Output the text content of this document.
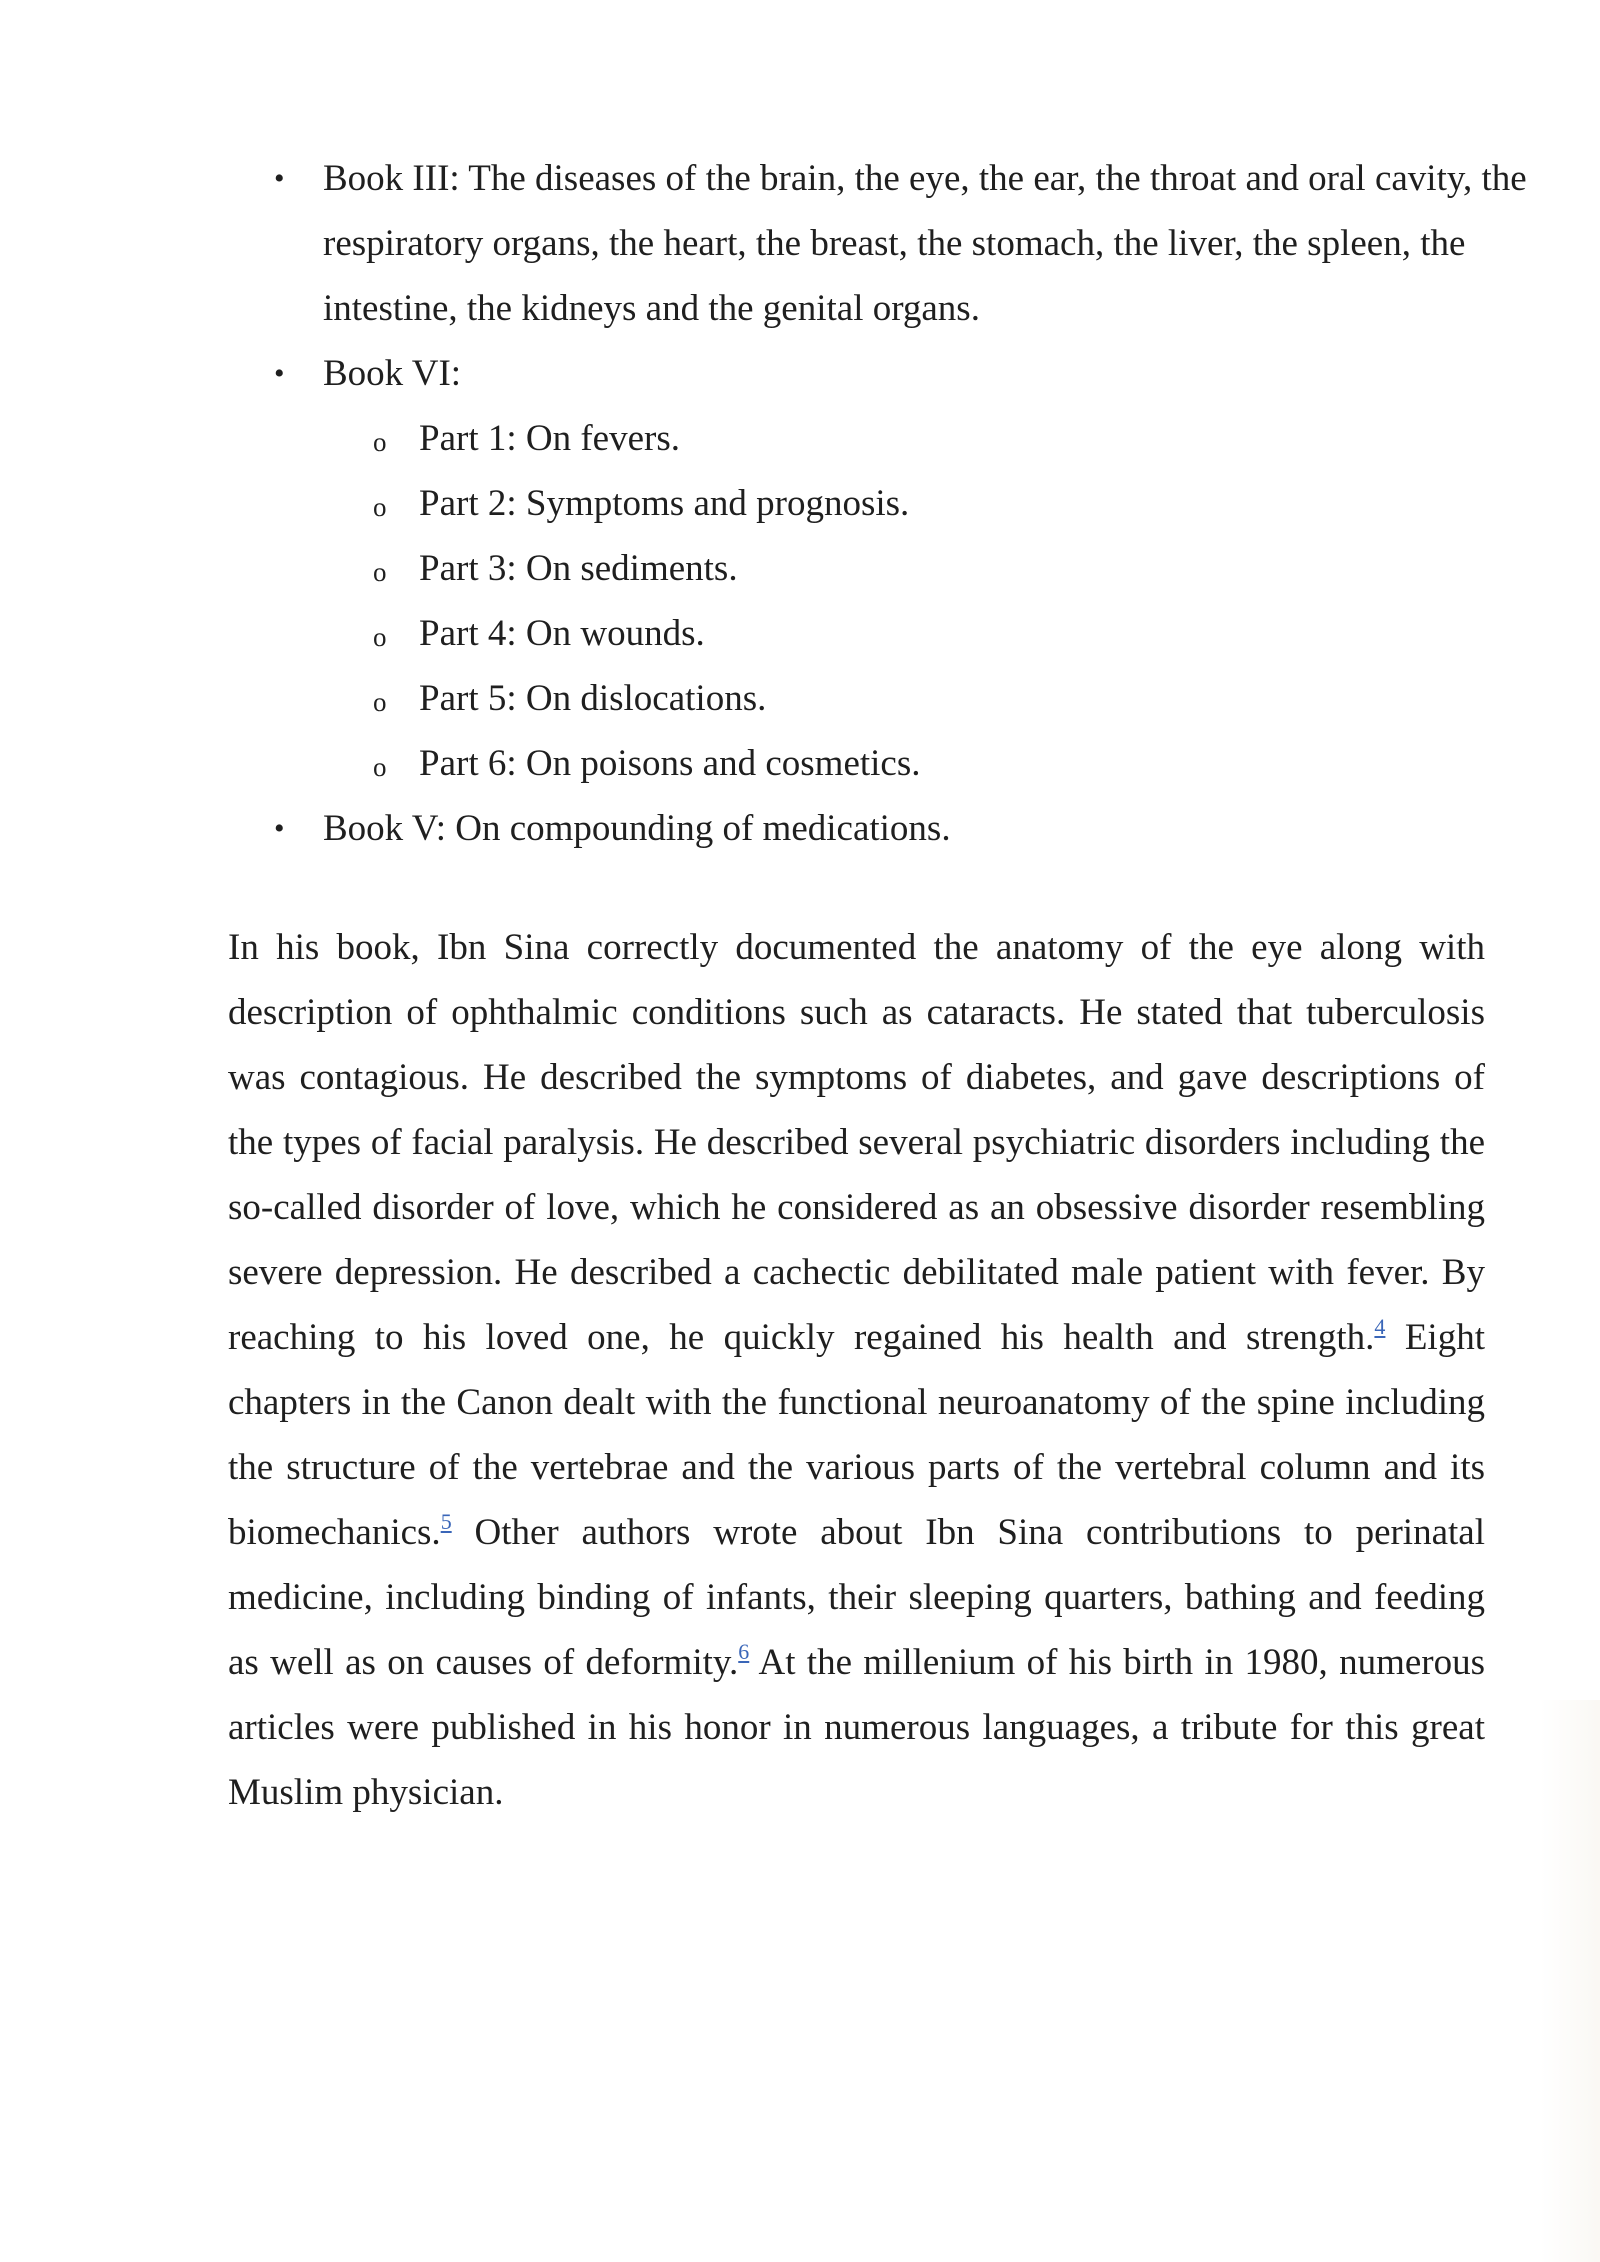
• Book III: The diseases of the brain, the eye, the ear, the throat and oral cavity, the respiratory organs, the heart, the breast, the stomach, the liver, the spleen, the intestine, the kidneys and the genital organs.
• Book VI:
o Part 1: On fevers.
o Part 2: Symptoms and prognosis.
o Part 3: On sediments.
o Part 4: On wounds.
o Part 5: On dislocations.
o Part 6: On poisons and cosmetics.
• Book V: On compounding of medications.

In his book, Ibn Sina correctly documented the anatomy of the eye along with description of ophthalmic conditions such as cataracts. He stated that tuberculosis was contagious. He described the symptoms of diabetes, and gave descriptions of the types of facial paralysis. He described several psychiatric disorders including the so-called disorder of love, which he considered as an obsessive disorder resembling severe depression. He described a cachectic debilitated male patient with fever. By reaching to his loved one, he quickly regained his health and strength.$^4$ Eight chapters in the Canon dealt with the functional neuroanatomy of the spine including the structure of the vertebrae and the various parts of the vertebral column and its biomechanics.$^5$ Other authors wrote about Ibn Sina contributions to perinatal medicine, including binding of infants, their sleeping quarters, bathing and feeding as well as on causes of deformity.$^6$ At the millenium of his birth in 1980, numerous articles were published in his honor in numerous languages, a tribute for this great Muslim physician.
